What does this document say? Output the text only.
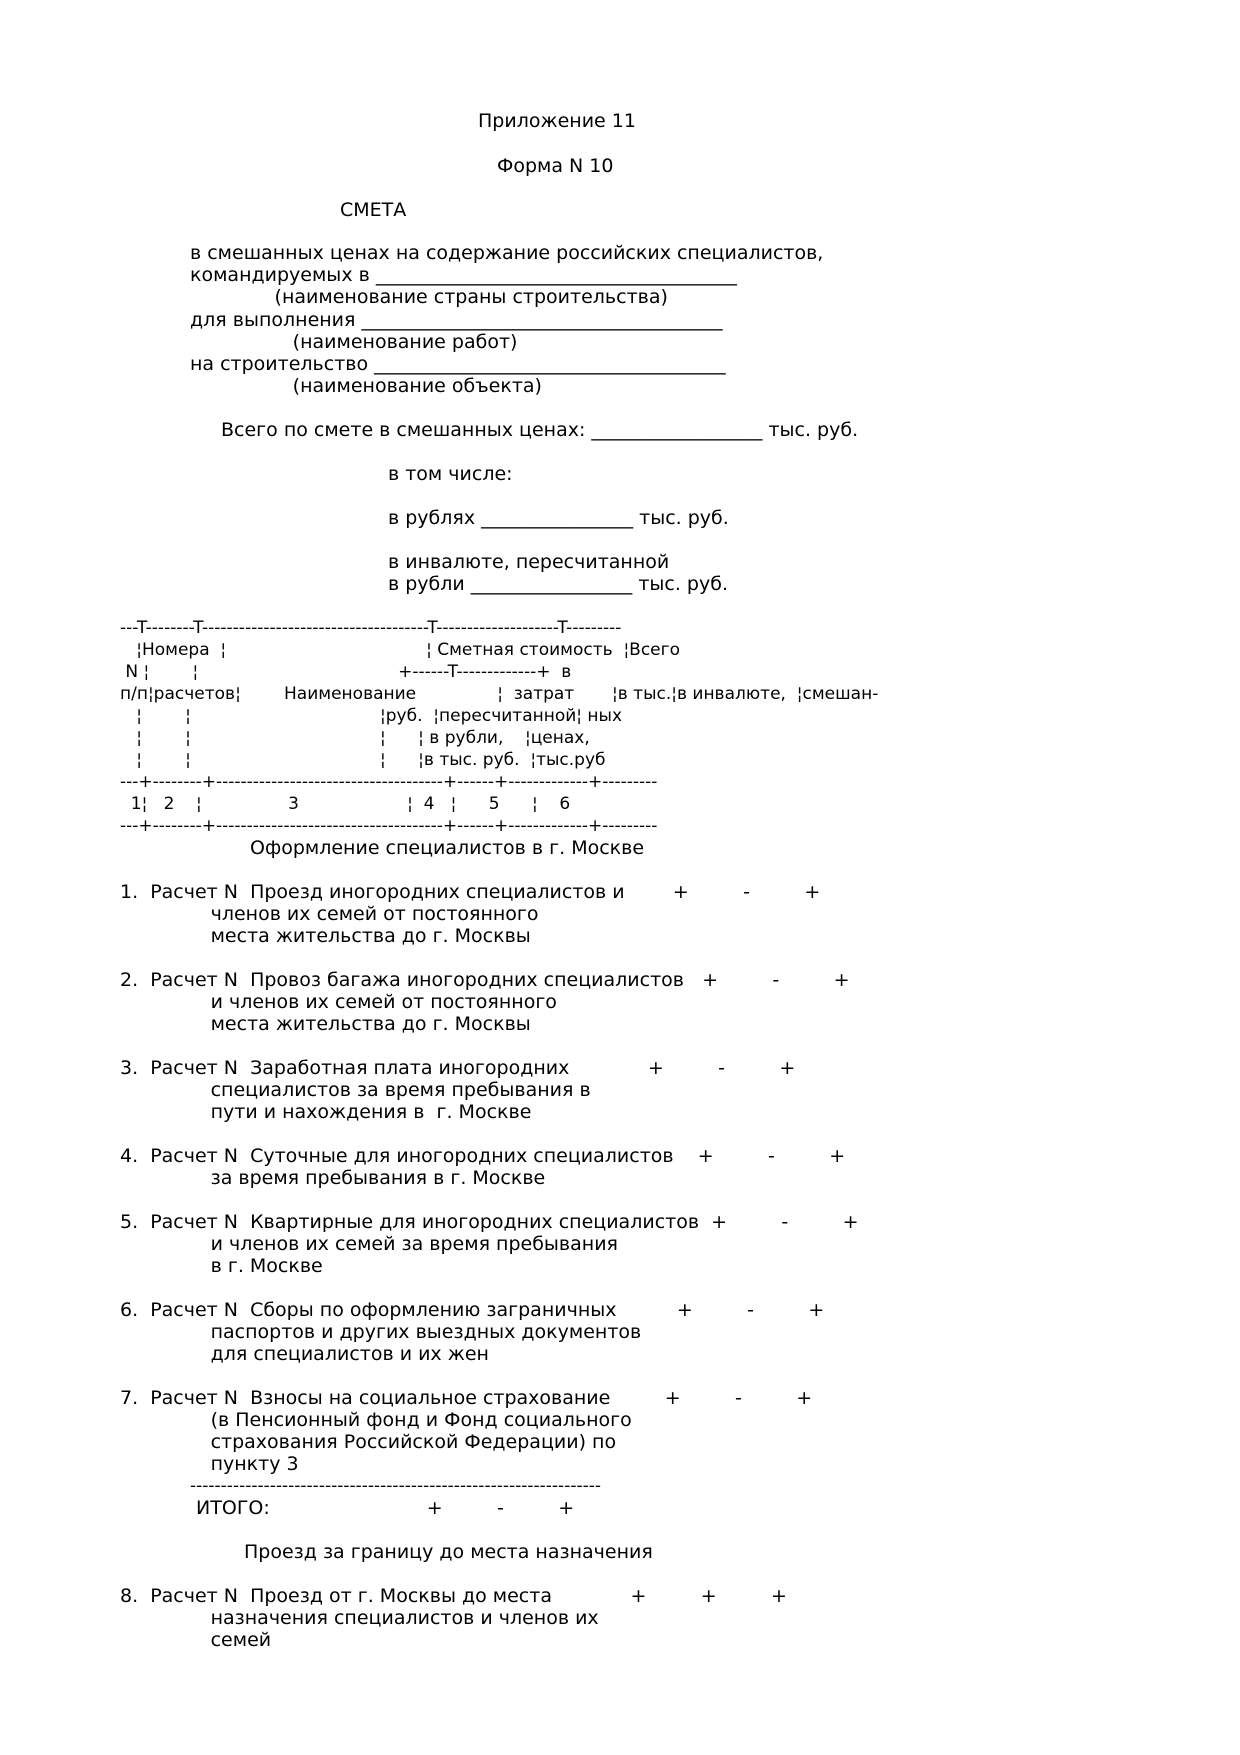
Приложение 11
Форма N 10
СМЕТА
в смешанных ценах на содержание российских специалистов,
командируемых в ______________________________________
(наименование страны строительства)
для выполнения ______________________________________
(наименование работ)
на строительство _____________________________________
(наименование объекта)
Всего по смете в смешанных ценах: __________________ тыс. руб.
в том числе:
в рублях ________________ тыс. руб.
в инвалюте, пересчитанной
в рубли _________________ тыс. руб.
---T--------T-------------------------------------T--------------------T---------
¦Номера  ¦                                     ¦ Сметная стоимость  ¦Всего
N ¦        ¦                                     +------T-------------+  в
п/п¦расчетов¦        Наименование               ¦  затрат       ¦в тыс.¦в инвалюте,  ¦смешан-
¦        ¦                                   ¦руб.  ¦пересчитанной¦ ных
¦        ¦                                   ¦      ¦ в рубли,    ¦ценах,
¦        ¦                                   ¦      ¦в тыс. руб.  ¦тыс.руб
---+--------+-------------------------------------+------+-------------+---------
1¦   2    ¦                3                    ¦  4   ¦      5      ¦    6
---+--------+-------------------------------------+------+-------------+---------
Оформление специалистов в г. Москве
1.  Расчет N  Проезд иногородних специалистов и        +         -         +
членов их семей от постоянного
места жительства до г. Москвы
2.  Расчет N  Провоз багажа иногородних специалистов   +         -         +
и членов их семей от постоянного
места жительства до г. Москвы
3.  Расчет N  Заработная плата иногородних             +         -         +
специалистов за время пребывания в
пути и нахождения в  г. Москве
4.  Расчет N  Суточные для иногородних специалистов    +         -         +
за время пребывания в г. Москве
5.  Расчет N  Квартирные для иногородних специалистов  +         -         +
и членов их семей за время пребывания
в г. Москве
6.  Расчет N  Сборы по оформлению заграничных          +         -         +
паспортов и других выездных документов
для специалистов и их жен
7.  Расчет N  Взносы на социальное страхование         +         -         +
(в Пенсионный фонд и Фонд социального
страхования Российской Федерации) по
пункту 3
-------------------------------------------------------------------
ИТОГО:                          +         -         +
Проезд за границу до места назначения
8.  Расчет N  Проезд от г. Москвы до места             +         +         +
назначения специалистов и членов их
семей
